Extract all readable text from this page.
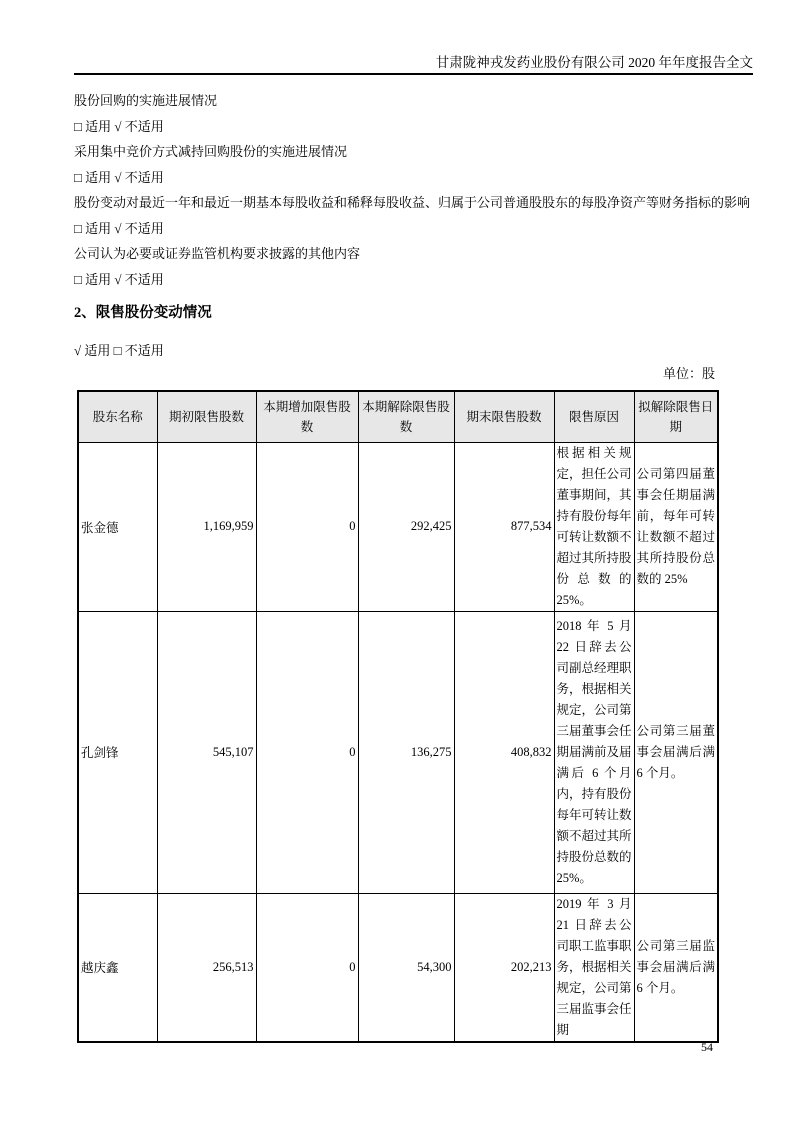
甘肃陇神戎发药业股份有限公司 2020 年年度报告全文

股份回购的实施进展情况

□ 适用 √ 不适用

采用集中竞价方式减持回购股份的实施进展情况

□ 适用 √ 不适用

股份变动对最近一年和最近一期基本每股收益和稀释每股收益、归属于公司普通股股东的每股净资产等财务指标的影响

□ 适用 √ 不适用

公司认为必要或证券监管机构要求披露的其他内容

□ 适用 √ 不适用

2、限售股份变动情况
√ 适用 □ 不适用
单位：股
股东名称	期初限售股数	本期增加限售股数	本期解除限售股数	期末限售股数	限售原因	拟解除限售日期
张金德	1,169,959	0	292,425	877,534	根据相关规定，担任公司董事期间，其持有股份每年可转让数额不超过其所持股份总数的25%。	公司第四届董事会任期届满前，每年可转让数额不超过其所持股份总数的 25%
孔剑锋	545,107	0	136,275	408,832	2018 年 5 月 22 日辞去公司副总经理职务，根据相关规定，公司第三届董事会任期届满前及届满后 6 个月内，持有股份每年可转让数额不超过其所持股份总数的25%。	公司第三届董事会届满后满 6 个月。
越庆鑫	256,513	0	54,300	202,213	2019 年 3 月 21 日辞去公司职工监事职务，根据相关规定，公司第三届监事会任期	公司第三届监事会届满后满 6 个月。
54
